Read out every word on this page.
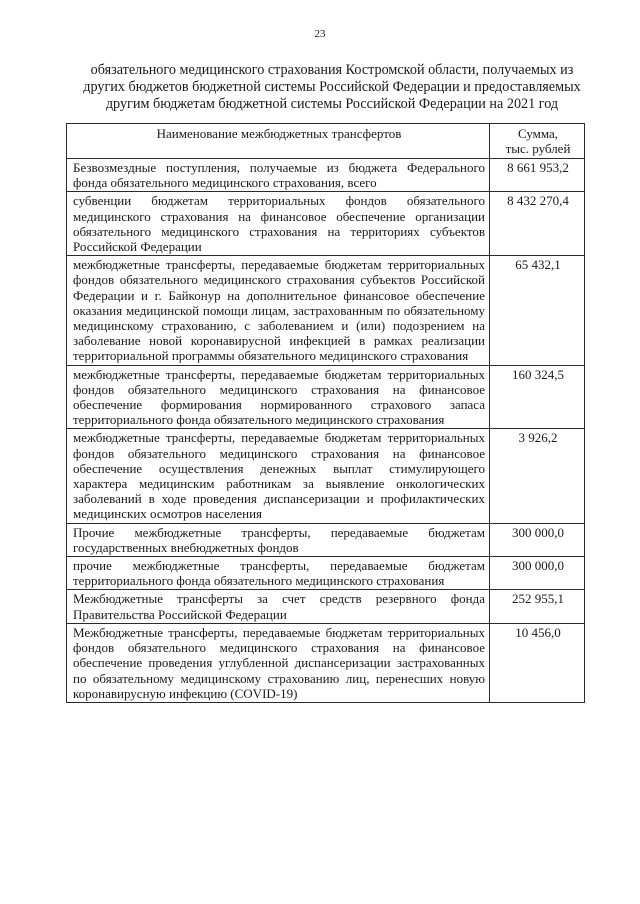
23
обязательного медицинского страхования Костромской области, получаемых из
других бюджетов бюджетной системы Российской Федерации и предоставляемых
другим бюджетам бюджетной системы Российской Федерации на 2021 год
Наименование межбюджетных трансфертов	Сумма,
тыс. рублей

Безвозмездные поступления, получаемые из бюджета Федерального фонда обязательного медицинского страхования, всего	8 661 953,2
субвенции бюджетам территориальных фондов обязательного медицинского страхования на финансовое обеспечение организации обязательного медицинского страхования на территориях субъектов Российской Федерации	8 432 270,4
межбюджетные трансферты, передаваемые бюджетам территориальных фондов обязательного медицинского страхования субъектов Российской Федерации и г. Байконур на дополнительное финансовое обеспечение оказания медицинской помощи лицам, застрахованным по обязательному медицинскому страхованию, с заболеванием и (или) подозрением на заболевание новой коронавирусной инфекцией в рамках реализации территориальной программы обязательного медицинского страхования	65 432,1
межбюджетные трансферты, передаваемые бюджетам территориальных фондов обязательного медицинского страхования на финансовое обеспечение формирования нормированного страхового запаса территориального фонда обязательного медицинского страхования	160 324,5
межбюджетные трансферты, передаваемые бюджетам территориальных фондов обязательного медицинского страхования на финансовое обеспечение осуществления денежных выплат стимулирующего характера медицинским работникам за выявление онкологических заболеваний в ходе проведения диспансеризации и профилактических медицинских осмотров населения	3 926,2
Прочие межбюджетные трансферты, передаваемые бюджетам государственных внебюджетных фондов	300 000,0
прочие межбюджетные трансферты, передаваемые бюджетам территориального фонда обязательного медицинского страхования	300 000,0
Межбюджетные трансферты за счет средств резервного фонда Правительства Российской Федерации	252 955,1
Межбюджетные трансферты, передаваемые бюджетам территориальных фондов обязательного медицинского страхования на финансовое обеспечение проведения углубленной диспансеризации застрахованных по обязательному медицинскому страхованию лиц, перенесших новую коронавирусную инфекцию (COVID-19)	10 456,0
